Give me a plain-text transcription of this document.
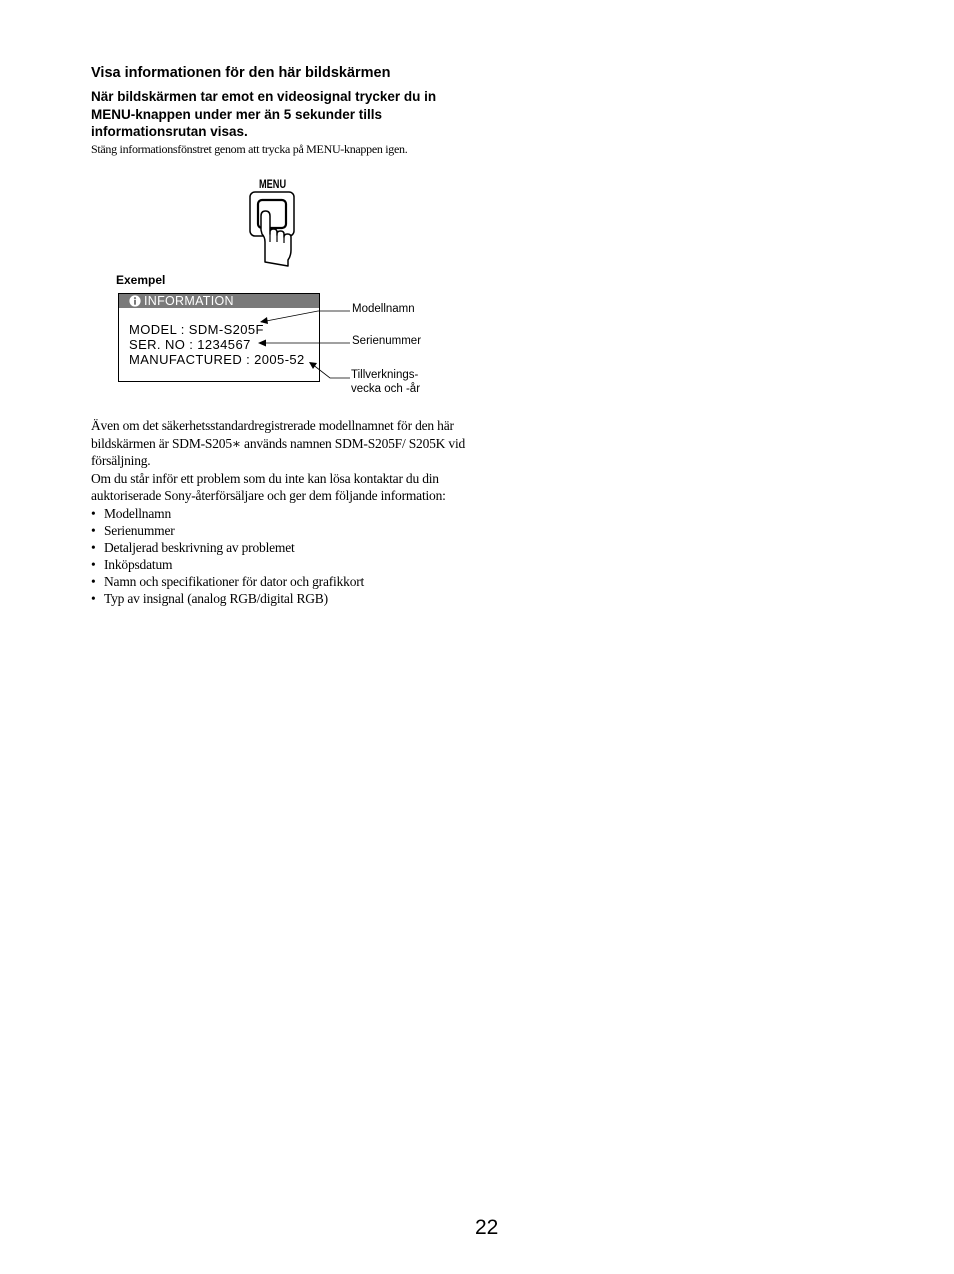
Visa informationen för den här bildskärmen

När bildskärmen tar emot en videosignal trycker du in MENU-knappen under mer än 5 sekunder tills informationsrutan visas.

Stäng informationsfönstret genom att trycka på MENU-knappen igen.

MENU
Exempel
INFORMATION
MODEL : SDM-S205F
SER. NO : 1234567
MANUFACTURED : 2005-52
Modellnamn
Serienummer
Tillverknings-
vecka och -år

Även om det säkerhetsstandardregistrerade modellnamnet för den här bildskärmen är SDM-S205∗ används namnen SDM-S205F/ S205K vid försäljning.

Om du står inför ett problem som du inte kan lösa kontaktar du din auktoriserade Sony-återförsäljare och ger dem följande information:

• Modellnamn
• Serienummer
• Detaljerad beskrivning av problemet
• Inköpsdatum
• Namn och specifikationer för dator och grafikkort
• Typ av insignal (analog RGB/digital RGB)
22
